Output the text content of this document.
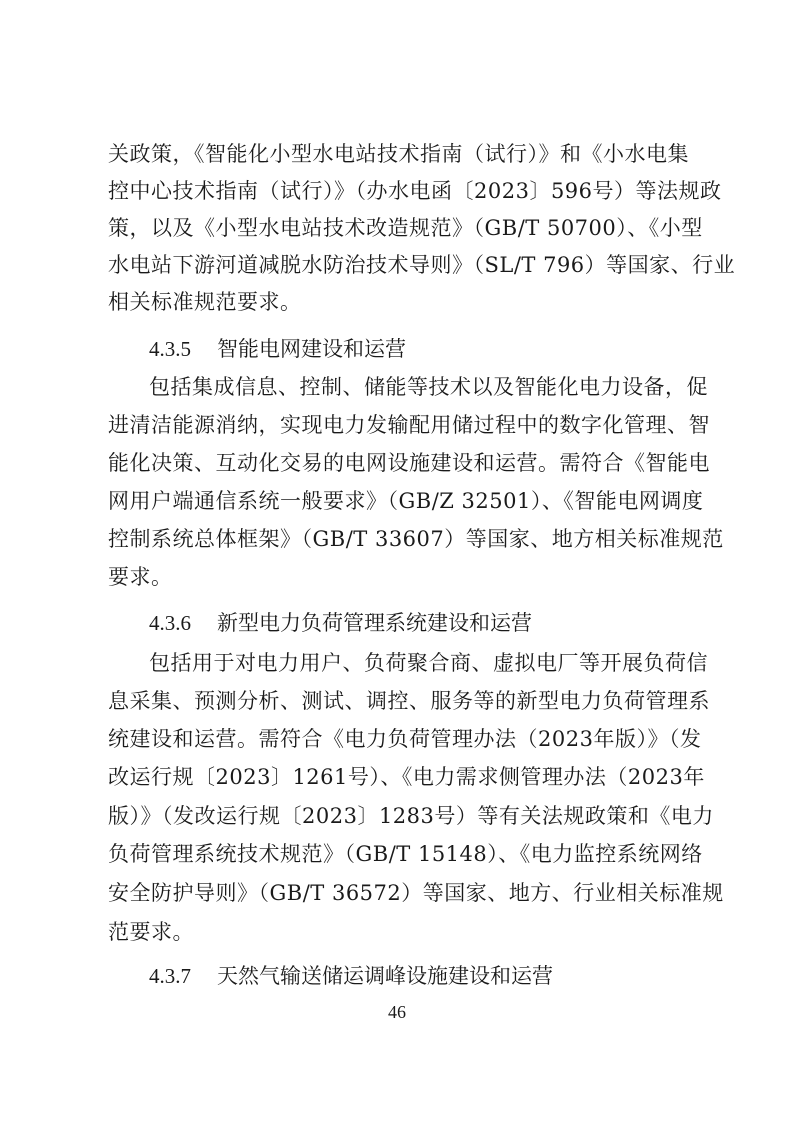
关政策，《智能化小型水电站技术指南（试行）》和《小水电集
控中心技术指南（试行）》（办水电函〔2023〕596号）等法规政
策，以及《小型水电站技术改造规范》（GB/T 50700）、《小型
水电站下游河道减脱水防治技术导则》（SL/T 796）等国家、行业
相关标准规范要求。
4.3.5 智能电网建设和运营
包括集成信息、控制、储能等技术以及智能化电力设备，促
进清洁能源消纳，实现电力发输配用储过程中的数字化管理、智
能化决策、互动化交易的电网设施建设和运营。需符合《智能电
网用户端通信系统一般要求》（GB/Z 32501）、《智能电网调度
控制系统总体框架》（GB/T 33607）等国家、地方相关标准规范
要求。
4.3.6 新型电力负荷管理系统建设和运营
包括用于对电力用户、负荷聚合商、虚拟电厂等开展负荷信
息采集、预测分析、测试、调控、服务等的新型电力负荷管理系
统建设和运营。需符合《电力负荷管理办法（2023年版）》（发
改运行规〔2023〕1261号）、《电力需求侧管理办法（2023年
版）》（发改运行规〔2023〕1283号）等有关法规政策和《电力
负荷管理系统技术规范》（GB/T 15148）、《电力监控系统网络
安全防护导则》（GB/T 36572）等国家、地方、行业相关标准规
范要求。
4.3.7 天然气输送储运调峰设施建设和运营
46
